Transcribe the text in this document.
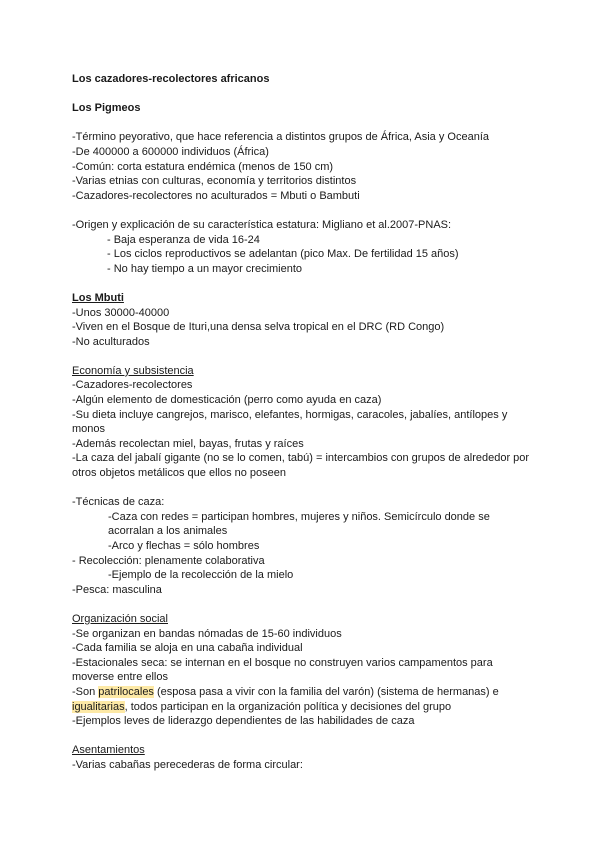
Los cazadores-recolectores africanos

Los Pigmeos

-Término peyorativo, que hace referencia a distintos grupos de África, Asia y Oceanía

-De 400000 a 600000 individuos (África)

-Común: corta estatura endémica (menos de 150 cm)

-Varias etnias con culturas, economía y territorios distintos

-Cazadores-recolectores no aculturados = Mbuti o Bambuti

-Origen y explicación de su característica estatura: Migliano et al.2007-PNAS:

- Baja esperanza de vida 16-24

- Los ciclos reproductivos se adelantan (pico Max. De fertilidad 15 años)

- No hay tiempo a un mayor crecimiento

Los Mbuti

-Unos 30000-40000

-Viven en el Bosque de Ituri,una densa selva tropical en el DRC (RD Congo)

-No aculturados

Economía y subsistencia

-Cazadores-recolectores

-Algún elemento de domesticación (perro como ayuda en caza)

-Su dieta incluye cangrejos, marisco, elefantes, hormigas, caracoles, jabalíes, antílopes y monos

-Además recolectan miel, bayas, frutas y raíces

-La caza del jabalí gigante (no se lo comen, tabú) = intercambios con grupos de alrededor por otros objetos metálicos que ellos no poseen

-Técnicas de caza:

-Caza con redes = participan hombres, mujeres y niños. Semicírculo donde se acorralan a los animales

-Arco y flechas = sólo hombres

- Recolección: plenamente colaborativa

-Ejemplo de la recolección de la mielo

-Pesca: masculina

Organización social

-Se organizan en bandas nómadas de 15-60 individuos

-Cada familia se aloja en una cabaña individual

-Estacionales seca: se internan en el bosque no construyen varios campamentos para moverse entre ellos

-Son patrilocales (esposa pasa a vivir con la familia del varón) (sistema de hermanas) e igualitarias, todos participan en la organización política y decisiones del grupo

-Ejemplos leves de liderazgo dependientes de las habilidades de caza

Asentamientos

-Varias cabañas perecederas de forma circular:
